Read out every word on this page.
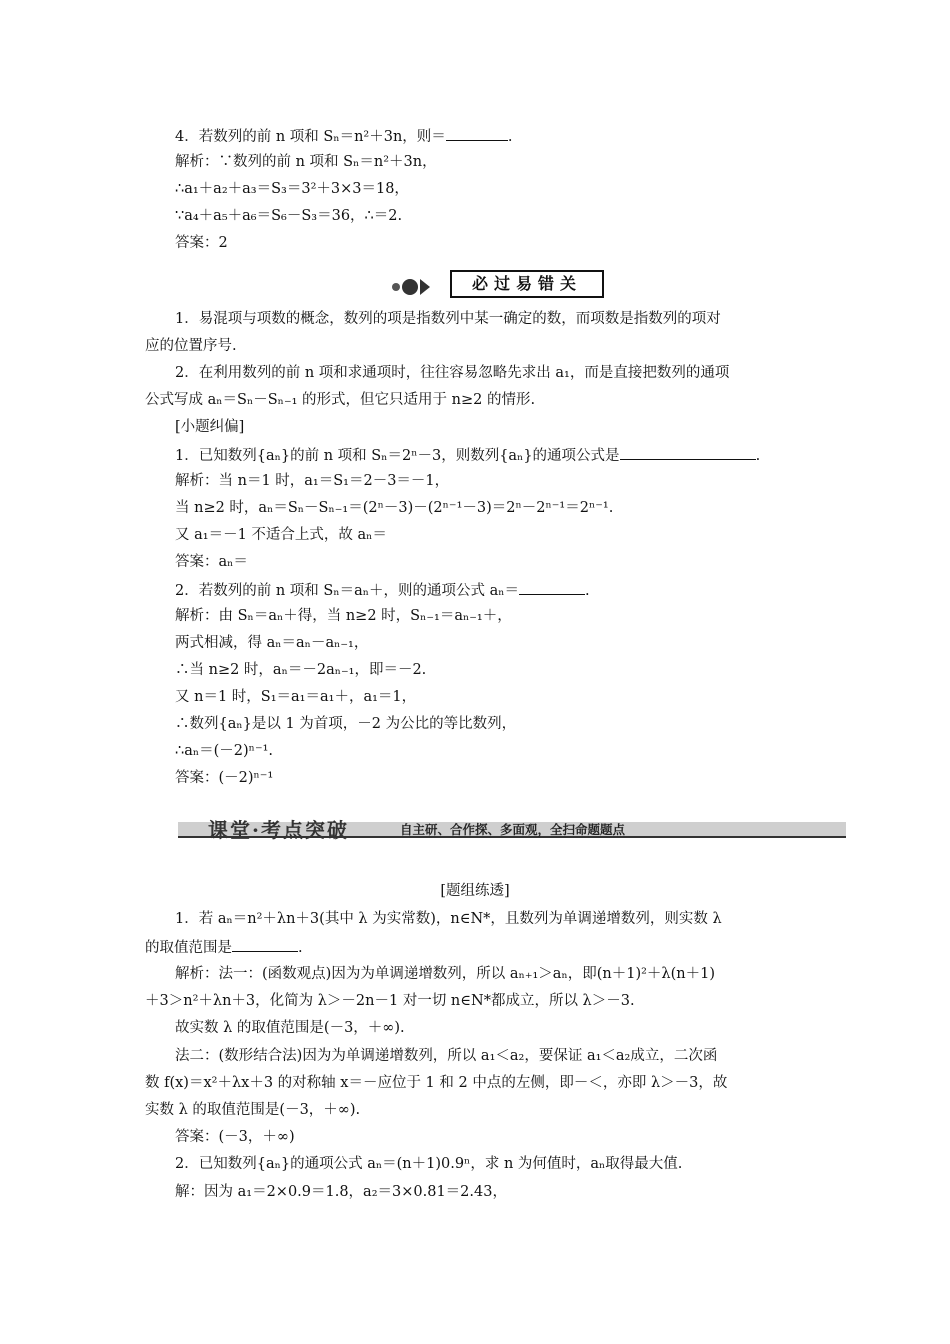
4．若数列的前 n 项和 Sₙ＝n²＋3n，则＝	.
解析：∵数列的前 n 项和 Sₙ＝n²＋3n，
∴a₁＋a₂＋a₃＝S₃＝3²＋3×3＝18，
∵a₄＋a₅＋a₆＝S₆－S₃＝36，∴＝2.
答案：2
必过易错关
1．易混项与项数的概念，数列的项是指数列中某一确定的数，而项数是指数列的项对
应的位置序号.
2．在利用数列的前 n 项和求通项时，往往容易忽略先求出 a₁，而是直接把数列的通项
公式写成 aₙ＝Sₙ－Sₙ₋₁ 的形式，但它只适用于 n≥2 的情形.
[小题纠偏]
1．已知数列{aₙ}的前 n 项和 Sₙ＝2ⁿ－3，则数列{aₙ}的通项公式是	.
解析：当 n＝1 时，a₁＝S₁＝2－3＝－1，
当 n≥2 时，aₙ＝Sₙ－Sₙ₋₁＝(2ⁿ－3)－(2ⁿ⁻¹－3)＝2ⁿ－2ⁿ⁻¹＝2ⁿ⁻¹.
又 a₁＝－1 不适合上式，故 aₙ＝
答案：aₙ＝
2．若数列的前 n 项和 Sₙ＝aₙ＋，则的通项公式 aₙ＝	.
解析：由 Sₙ＝aₙ＋得，当 n≥2 时，Sₙ₋₁＝aₙ₋₁＋，
两式相减，得 aₙ＝aₙ－aₙ₋₁，
∴当 n≥2 时，aₙ＝－2aₙ₋₁，即＝－2.
又 n＝1 时，S₁＝a₁＝a₁＋，a₁＝1，
∴数列{aₙ}是以 1 为首项，－2 为公比的等比数列，
∴aₙ＝(－2)ⁿ⁻¹.
答案：(－2)ⁿ⁻¹
课堂·考点突破	自主研、合作探、多面观，全扫命题题点
[题组练透]
1．若 aₙ＝n²＋λn＋3(其中 λ 为实常数)，n∈N*，且数列为单调递增数列，则实数 λ
的取值范围是	.
解析：法一：(函数观点)因为为单调递增数列，所以 aₙ₊₁＞aₙ，即(n＋1)²＋λ(n＋1)
＋3＞n²＋λn＋3，化简为 λ＞－2n－1 对一切 n∈N*都成立，所以 λ＞－3.
故实数 λ 的取值范围是(－3，＋∞).
法二：(数形结合法)因为为单调递增数列，所以 a₁＜a₂，要保证 a₁＜a₂成立，二次函
数 f(x)＝x²＋λx＋3 的对称轴 x＝－应位于 1 和 2 中点的左侧，即－＜，亦即 λ＞－3，故
实数 λ 的取值范围是(－3，＋∞).
答案：(－3，＋∞)
2．已知数列{aₙ}的通项公式 aₙ＝(n＋1)0.9ⁿ，求 n 为何值时，aₙ取得最大值.
解：因为 a₁＝2×0.9＝1.8，a₂＝3×0.81＝2.43，
